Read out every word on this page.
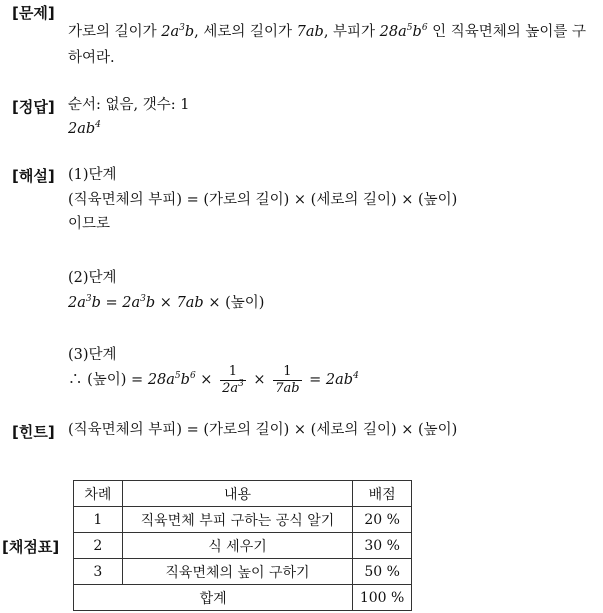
[문제]
가로의 길이가 $2a^3b$, 세로의 길이가 7ab, 부피가 $28a^5b^6$ 인 직육면체의 높이를 구
하여라.
[정답] 순서: 없음, 갯수: 1
$2ab^4$
[해설] (1)단계
(직육면체의 부피) = (가로의 길이) × (세로의 길이) × (높이)
이므로
(2)단계
$2a^3b = 2a^3b \times 7ab$ × (높이)
(3)단계
∴ (높이) = $28a^5b^6 \times \frac{1}{2a^3} \times \frac{1}{7ab} = 2ab^4$
[힌트] (직육면체의 부피) = (가로의 길이) × (세로의 길이) × (높이)
[채점표]
차례	내용	배점
1	직육면체 부피 구하는 공식 알기	20 %
2	식 세우기	30 %
3	직육면체의 높이 구하기	50 %
합계		100 %
